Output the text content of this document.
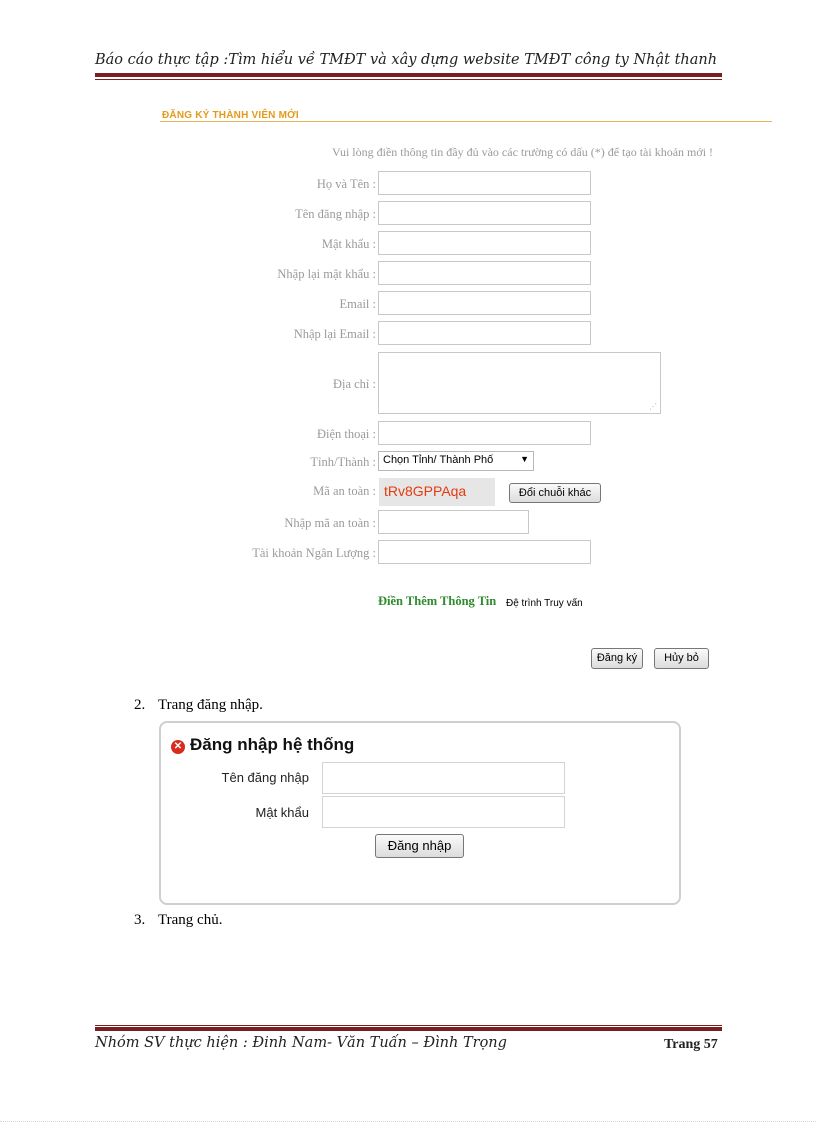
Báo cáo thực tập :Tìm hiểu về TMĐT và xây dựng website TMĐT công ty Nhật thanh
ĐĂNG KÝ THÀNH VIÊN MỚI
Vui lòng điền thông tin đầy đủ vào các trường có dấu (*) để tạo tài khoản mới !
Họ và Tên :
Tên đăng nhập :
Mật khẩu :
Nhập lại mật khẩu :
Email :
Nhập lại Email :
Địa chỉ :
⋰
Điện thoại :
Tỉnh/Thành : Chọn Tỉnh/ Thành Phố	▼
Mã an toàn : tRv8GPPAqa	Đổi chuỗi khác
Nhập mã an toàn :
Tài khoản Ngân Lượng :
Điền Thêm Thông Tin Đệ trình Truy vấn
Đăng ký	Hủy bỏ
2. Trang đăng nhập.
✕ Đăng nhập hệ thống
Tên đăng nhập
Mật khẩu
Đăng nhập
3. Trang chủ.
Nhóm SV thực hiện : Đinh Nam- Văn Tuấn – Đình Trọng	Trang 57
